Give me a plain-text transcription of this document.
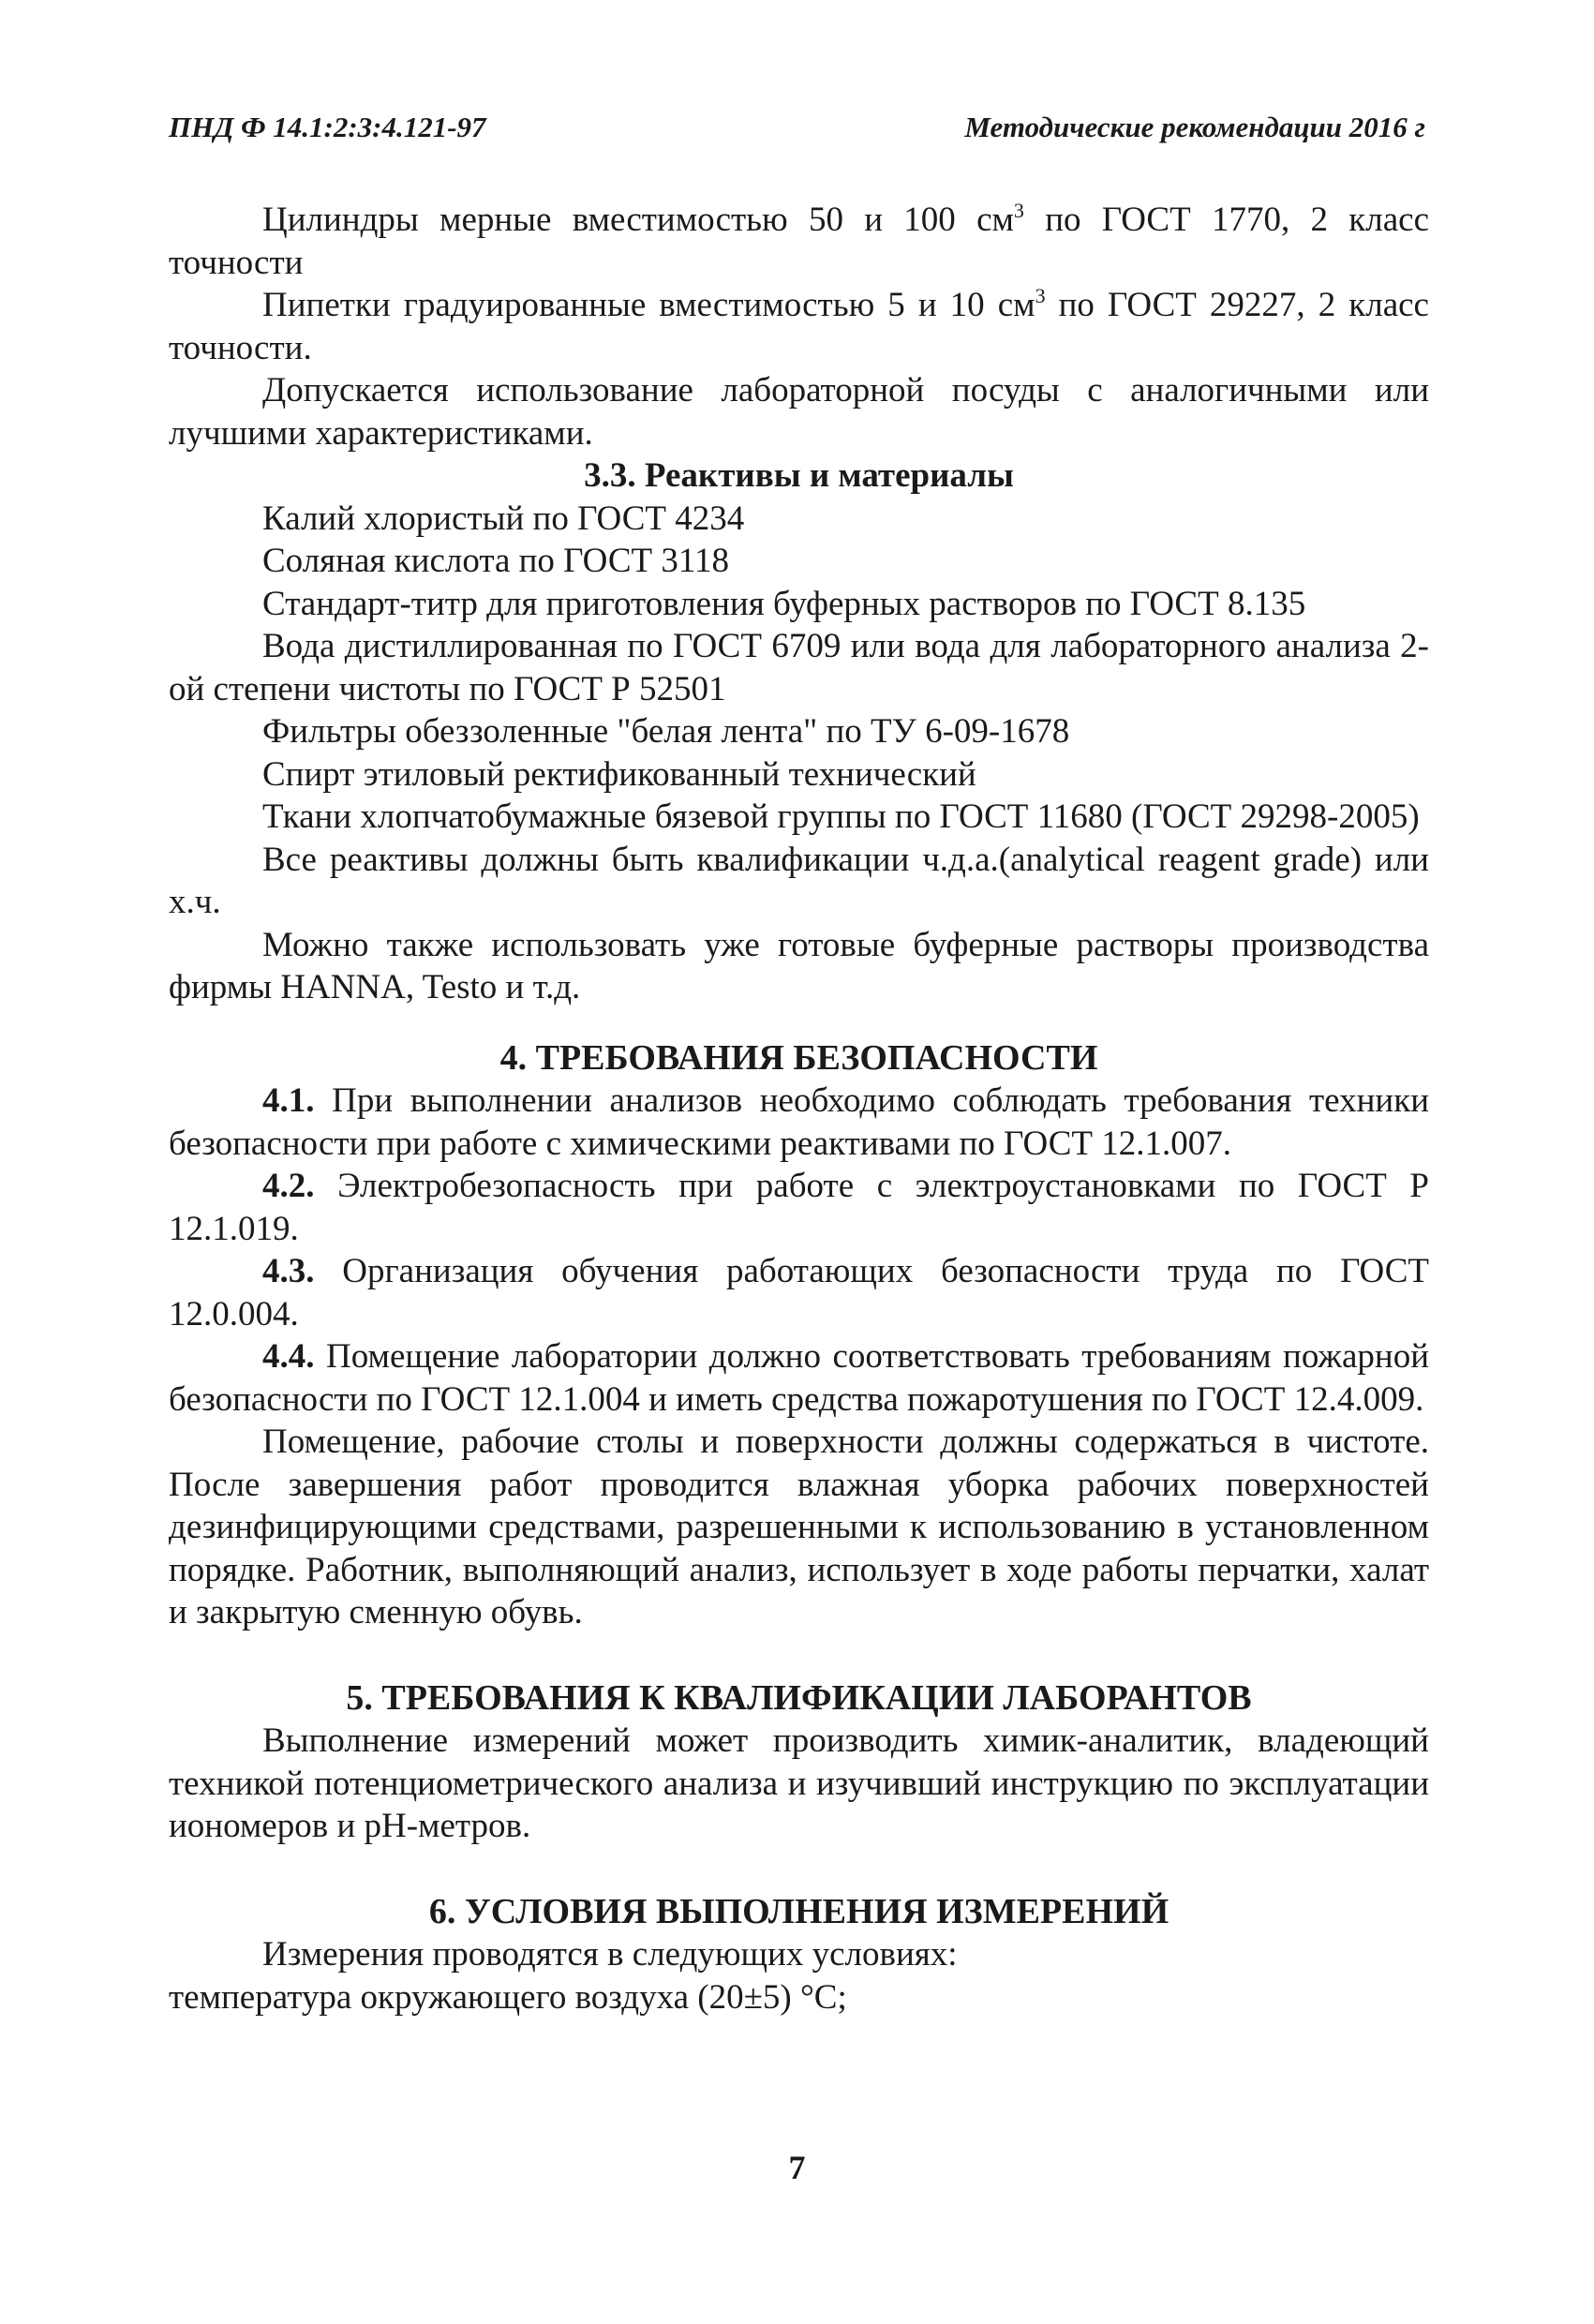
ПНД Ф 14.1:2:3:4.121-97	Методические рекомендации 2016 г

Цилиндры мерные вместимостью 50 и 100 $см^3$ по ГОСТ 1770, 2 класс точности

Пипетки градуированные вместимостью 5 и 10 $см^3$ по ГОСТ 29227, 2 класс точности.

Допускается использование лабораторной посуды с аналогичными или лучшими характеристиками.

3.3. Реактивы и материалы

Калий хлористый по ГОСТ 4234

Соляная кислота по ГОСТ 3118

Стандарт-титр для приготовления буферных растворов по ГОСТ 8.135

Вода дистиллированная по ГОСТ 6709 или вода для лабораторного анализа 2-ой степени чистоты по ГОСТ Р 52501

Фильтры обеззоленные "белая лента" по ТУ 6-09-1678

Спирт этиловый ректификованный технический

Ткани хлопчатобумажные бязевой группы по ГОСТ 11680 (ГОСТ 29298-2005)

Все реактивы должны быть квалификации ч.д.а.(analytical reagent grade) или х.ч.

Можно также использовать уже готовые буферные растворы производства фирмы HANNA, Testo и т.д.

4. ТРЕБОВАНИЯ БЕЗОПАСНОСТИ

4.1. При выполнении анализов необходимо соблюдать требования техники безопасности при работе с химическими реактивами по ГОСТ 12.1.007.

4.2. Электробезопасность при работе с электроустановками по ГОСТ Р 12.1.019.

4.3. Организация обучения работающих безопасности труда по ГОСТ 12.0.004.

4.4. Помещение лаборатории должно соответствовать требованиям пожарной безопасности по ГОСТ 12.1.004 и иметь средства пожаротушения по ГОСТ 12.4.009.

Помещение, рабочие столы и поверхности должны содержаться в чистоте. После завершения работ проводится влажная уборка рабочих поверхностей дезинфицирующими средствами, разрешенными к использованию в установленном порядке. Работник, выполняющий анализ, использует в ходе работы перчатки, халат и закрытую сменную обувь.

5. ТРЕБОВАНИЯ К КВАЛИФИКАЦИИ ЛАБОРАНТОВ

Выполнение измерений может производить химик-аналитик, владеющий техникой потенциометрического анализа и изучивший инструкцию по эксплуатации иономеров и pH-метров.

6. УСЛОВИЯ ВЫПОЛНЕНИЯ ИЗМЕРЕНИЙ

Измерения проводятся в следующих условиях:

температура окружающего воздуха (20±5) °С;

7
